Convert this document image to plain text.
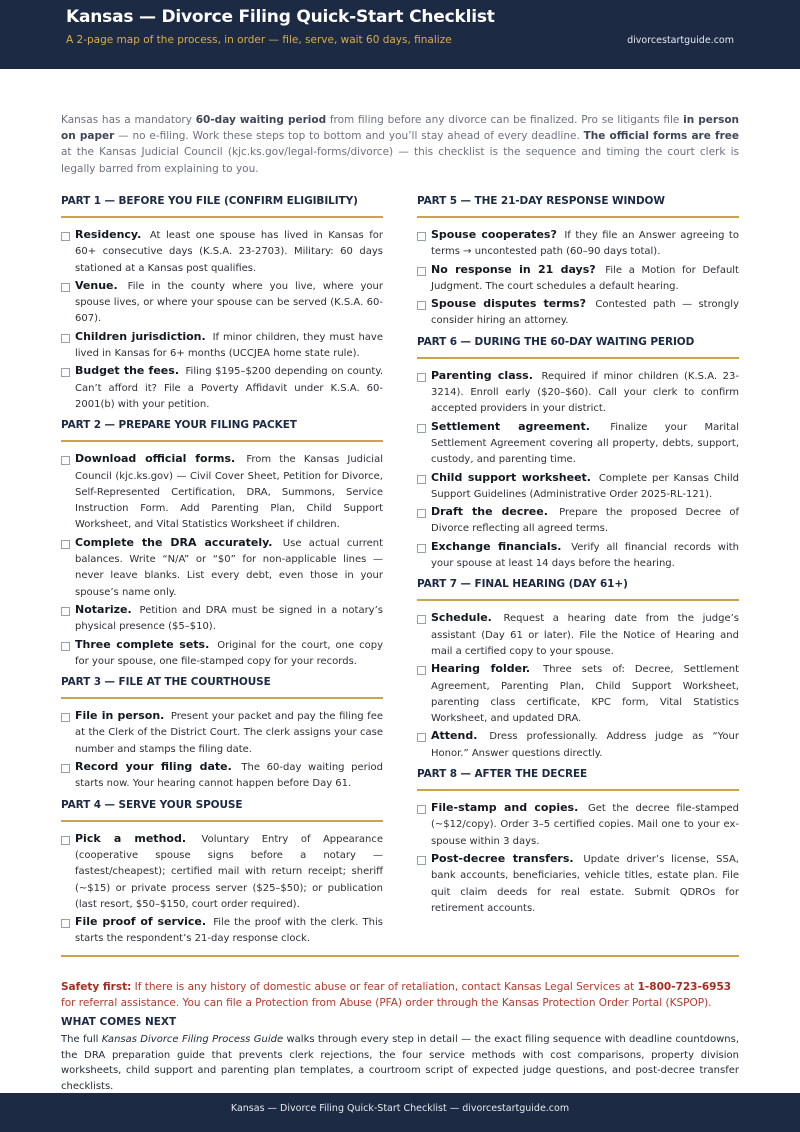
Kansas — Divorce Filing Quick-Start Checklist
A 2-page map of the process, in order — file, serve, wait 60 days, finalize	divorcestartguide.com
Kansas has a mandatory 60-day waiting period from filing before any divorce can be finalized. Pro se litigants file in person on paper — no e-filing. Work these steps top to bottom and you’ll stay ahead of every deadline. The official forms are free at the Kansas Judicial Council (kjc.ks.gov/legal-forms/divorce) — this checklist is the sequence and timing the court clerk is legally barred from explaining to you.
PART 1 — BEFORE YOU FILE (CONFIRM ELIGIBILITY)
Residency. At least one spouse has lived in Kansas for 60+ consecutive days (K.S.A. 23-2703). Military: 60 days stationed at a Kansas post qualifies.
Venue. File in the county where you live, where your spouse lives, or where your spouse can be served (K.S.A. 60-607).
Children jurisdiction. If minor children, they must have lived in Kansas for 6+ months (UCCJEA home state rule).
Budget the fees. Filing $195–$200 depending on county. Can’t afford it? File a Poverty Affidavit under K.S.A. 60-2001(b) with your petition.
PART 2 — PREPARE YOUR FILING PACKET
Download official forms. From the Kansas Judicial Council (kjc.ks.gov) — Civil Cover Sheet, Petition for Divorce, Self-Represented Certification, DRA, Summons, Service Instruction Form. Add Parenting Plan, Child Support Worksheet, and Vital Statistics Worksheet if children.
Complete the DRA accurately. Use actual current balances. Write “N/A” or “$0” for non-applicable lines — never leave blanks. List every debt, even those in your spouse’s name only.
Notarize. Petition and DRA must be signed in a notary’s physical presence ($5–$10).
Three complete sets. Original for the court, one copy for your spouse, one file-stamped copy for your records.
PART 3 — FILE AT THE COURTHOUSE
File in person. Present your packet and pay the filing fee at the Clerk of the District Court. The clerk assigns your case number and stamps the filing date.
Record your filing date. The 60-day waiting period starts now. Your hearing cannot happen before Day 61.
PART 4 — SERVE YOUR SPOUSE
Pick a method. Voluntary Entry of Appearance (cooperative spouse signs before a notary — fastest/cheapest); certified mail with return receipt; sheriff (~$15) or private process server ($25–$50); or publication (last resort, $50–$150, court order required).
File proof of service. File the proof with the clerk. This starts the respondent’s 21-day response clock.
PART 5 — THE 21-DAY RESPONSE WINDOW
Spouse cooperates? If they file an Answer agreeing to terms → uncontested path (60–90 days total).
No response in 21 days? File a Motion for Default Judgment. The court schedules a default hearing.
Spouse disputes terms? Contested path — strongly consider hiring an attorney.
PART 6 — DURING THE 60-DAY WAITING PERIOD
Parenting class. Required if minor children (K.S.A. 23-3214). Enroll early ($20–$60). Call your clerk to confirm accepted providers in your district.
Settlement agreement. Finalize your Marital Settlement Agreement covering all property, debts, support, custody, and parenting time.
Child support worksheet. Complete per Kansas Child Support Guidelines (Administrative Order 2025-RL-121).
Draft the decree. Prepare the proposed Decree of Divorce reflecting all agreed terms.
Exchange financials. Verify all financial records with your spouse at least 14 days before the hearing.
PART 7 — FINAL HEARING (DAY 61+)
Schedule. Request a hearing date from the judge’s assistant (Day 61 or later). File the Notice of Hearing and mail a certified copy to your spouse.
Hearing folder. Three sets of: Decree, Settlement Agreement, Parenting Plan, Child Support Worksheet, parenting class certificate, KPC form, Vital Statistics Worksheet, and updated DRA.
Attend. Dress professionally. Address judge as “Your Honor.” Answer questions directly.
PART 8 — AFTER THE DECREE
File-stamp and copies. Get the decree file-stamped (~$12/copy). Order 3–5 certified copies. Mail one to your ex-spouse within 3 days.
Post-decree transfers. Update driver’s license, SSA, bank accounts, beneficiaries, vehicle titles, estate plan. File quit claim deeds for real estate. Submit QDROs for retirement accounts.
Safety first: If there is any history of domestic abuse or fear of retaliation, contact Kansas Legal Services at 1-800-723-6953 for referral assistance. You can file a Protection from Abuse (PFA) order through the Kansas Protection Order Portal (KSPOP).
WHAT COMES NEXT
The full Kansas Divorce Filing Process Guide walks through every step in detail — the exact filing sequence with deadline countdowns, the DRA preparation guide that prevents clerk rejections, the four service methods with cost comparisons, property division worksheets, child support and parenting plan templates, a courtroom script of expected judge questions, and post-decree transfer checklists.
Kansas — Divorce Filing Quick-Start Checklist — divorcestartguide.com
